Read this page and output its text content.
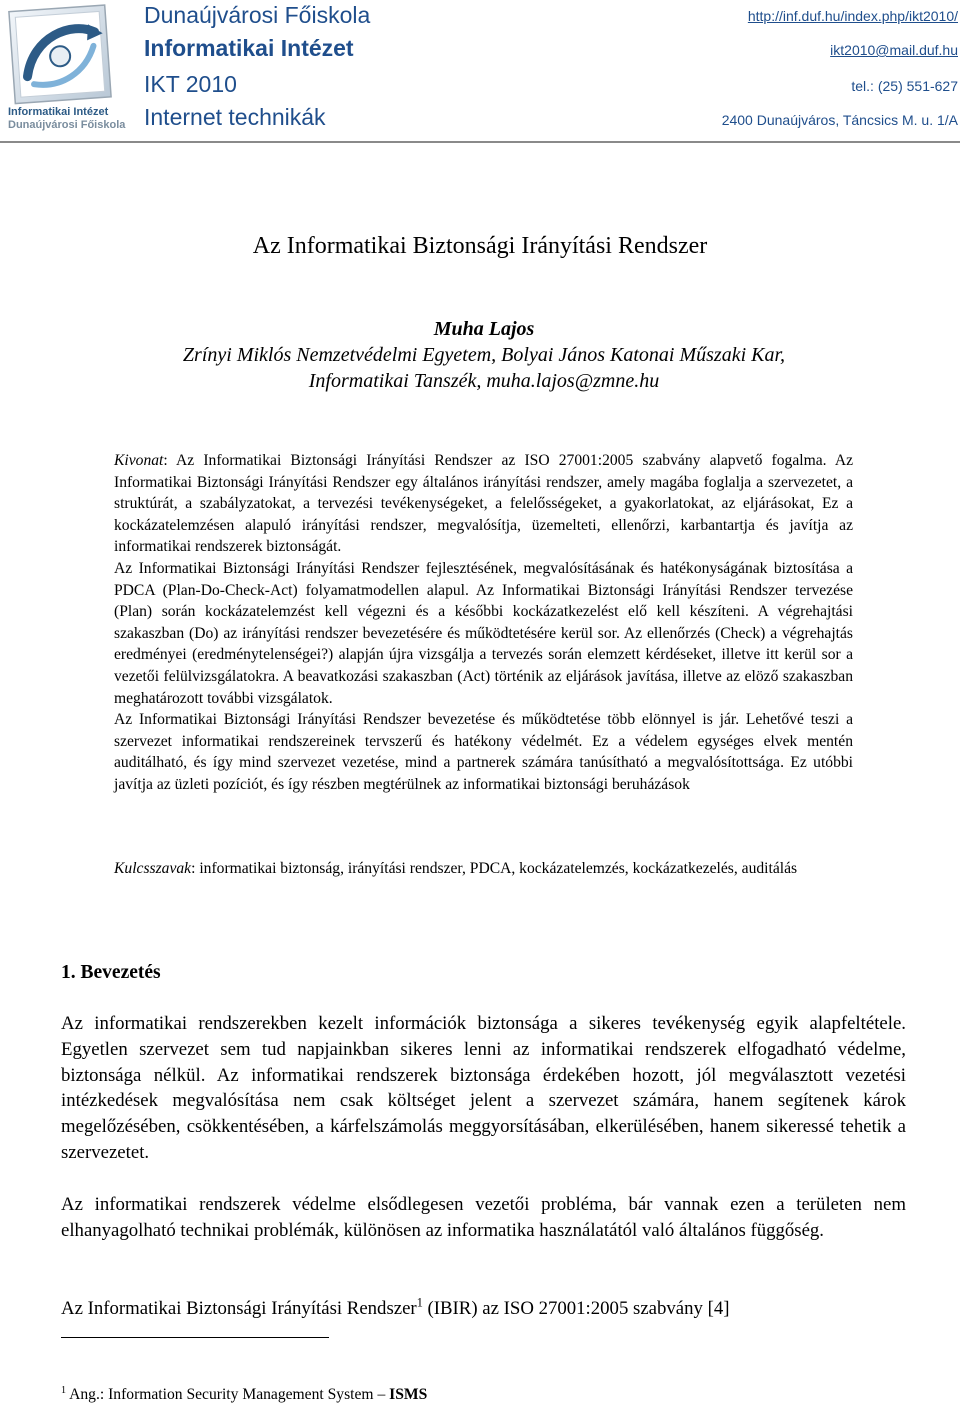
Informatikai Intézet
Dunaújvárosi Főiskola
Dunaújvárosi Főiskola
Informatikai Intézet
IKT 2010
Internet technikák
http://inf.duf.hu/index.php/ikt2010/
ikt2010@mail.duf.hu
tel.: (25) 551-627
2400 Dunaújváros, Táncsics M. u. 1/A
Az Informatikai Biztonsági Irányítási Rendszer
Muha Lajos
Zrínyi Miklós Nemzetvédelmi Egyetem, Bolyai János Katonai Műszaki Kar,
Informatikai Tanszék, muha.lajos@zmne.hu

Kivonat: Az Informatikai Biztonsági Irányítási Rendszer az ISO 27001:2005 szabvány alapvető fogalma. Az Informatikai Biztonsági Irányítási Rendszer egy általános irányítási rendszer, amely magába foglalja a szervezetet, a struktúrát, a szabályzatokat, a tervezési tevékenységeket, a felelősségeket, a gyakorlatokat, az eljárásokat, Ez a kockázatelemzésen alapuló irányítási rendszer, megvalósítja, üzemelteti, ellenőrzi, karbantartja és javítja az informatikai rendszerek biztonságát.

Az Informatikai Biztonsági Irányítási Rendszer fejlesztésének, megvalósításának és hatékonyságának biztosítása a PDCA (Plan-Do-Check-Act) folyamatmodellen alapul. Az Informatikai Biztonsági Irányítási Rendszer tervezése (Plan) során kockázatelemzést kell végezni és a későbbi kockázatkezelést elő kell készíteni. A végrehajtási szakaszban (Do) az irányítási rendszer bevezetésére és működtetésére kerül sor. Az ellenőrzés (Check) a végrehajtás eredményei (eredménytelenségei?) alapján újra vizsgálja a tervezés során elemzett kérdéseket, illetve itt kerül sor a vezetői felülvizsgálatokra. A beavatkozási szakaszban (Act) történik az eljárások javítása, illetve az elöző szakaszban meghatározott további vizsgálatok.

Az Informatikai Biztonsági Irányítási Rendszer bevezetése és működtetése több elönnyel is jár. Lehetővé teszi a szervezet informatikai rendszereinek tervszerű és hatékony védelmét. Ez a védelem egységes elvek mentén auditálható, és így mind szervezet vezetése, mind a partnerek számára tanúsítható a megvalósítottsága. Ez utóbbi javítja az üzleti pozíciót, és így részben megtérülnek az informatikai biztonsági beruházások

Kulcsszavak: informatikai biztonság, irányítási rendszer, PDCA, kockázatelemzés, kockázatkezelés, auditálás
1. Bevezetés

Az informatikai rendszerekben kezelt információk biztonsága a sikeres tevékenység egyik alapfeltétele. Egyetlen szervezet sem tud napjainkban sikeres lenni az informatikai rendszerek elfogadható védelme, biztonsága nélkül. Az informatikai rendszerek biztonsága érdekében hozott, jól megválasztott vezetési intézkedések megvalósítása nem csak költséget jelent a szervezet számára, hanem segítenek károk megelőzésében, csökkentésében, a kárfelszámolás meggyorsításában, elkerülésében, hanem sikeressé tehetik a szervezetet.

Az informatikai rendszerek védelme elsődlegesen vezetői probléma, bár vannak ezen a területen nem elhanyagolható technikai problémák, különösen az informatika használatától való általános függőség.

Az Informatikai Biztonsági Irányítási Rendszer$^1$ (IBIR) az ISO 27001:2005 szabvány [4]

$^1$ Ang.: Information Security Management System – ISMS
